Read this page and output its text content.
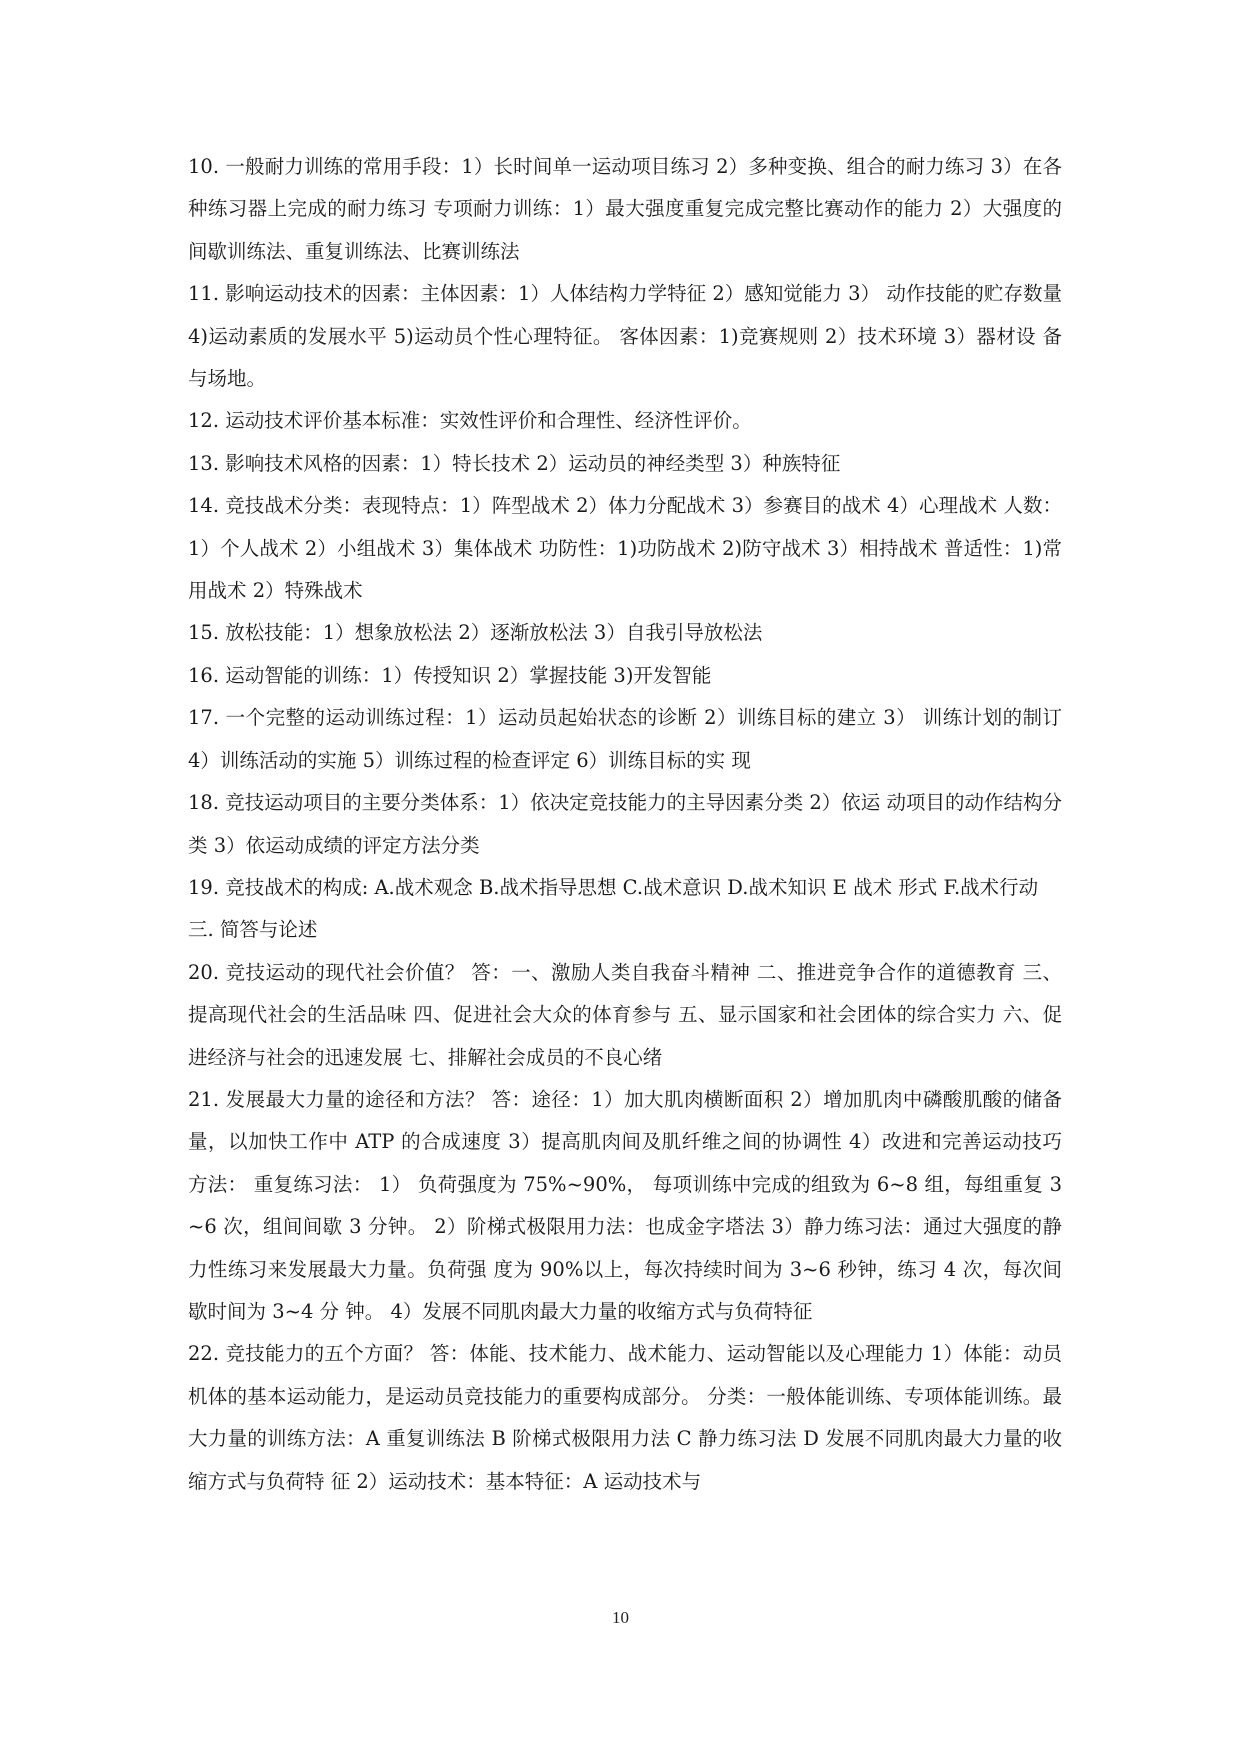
10. 一般耐力训练的常用手段：1）长时间单一运动项目练习 2）多种变换、组合的耐力练习 3）在各种练习器上完成的耐力练习 专项耐力训练：1）最大强度重复完成完整比赛动作的能力 2）大强度的间歇训练法、重复训练法、比赛训练法

11. 影响运动技术的因素：主体因素：1）人体结构力学特征 2）感知觉能力 3） 动作技能的贮存数量 4)运动素质的发展水平 5)运动员个性心理特征。 客体因素：1)竞赛规则 2）技术环境 3）器材设 备与场地。

12. 运动技术评价基本标准：实效性评价和合理性、经济性评价。

13. 影响技术风格的因素：1）特长技术 2）运动员的神经类型 3）种族特征

14. 竞技战术分类：表现特点：1）阵型战术 2）体力分配战术 3）参赛目的战术 4）心理战术 人数：1）个人战术 2）小组战术 3）集体战术 功防性：1)功防战术 2)防守战术 3）相持战术 普适性：1)常用战术 2）特殊战术

15. 放松技能：1）想象放松法 2）逐渐放松法 3）自我引导放松法

16. 运动智能的训练：1）传授知识 2）掌握技能 3)开发智能

17. 一个完整的运动训练过程：1）运动员起始状态的诊断 2）训练目标的建立 3） 训练计划的制订 4）训练活动的实施 5）训练过程的检查评定 6）训练目标的实 现

18. 竞技运动项目的主要分类体系：1）依决定竞技能力的主导因素分类 2）依运 动项目的动作结构分类 3）依运动成绩的评定方法分类

19. 竞技战术的构成: A.战术观念 B.战术指导思想 C.战术意识 D.战术知识 E 战术 形式 F.战术行动

三. 简答与论述

20. 竞技运动的现代社会价值？ 答：一、激励人类自我奋斗精神 二、推进竞争合作的道德教育 三、提高现代社会的生活品味 四、促进社会大众的体育参与 五、显示国家和社会团体的综合实力 六、促进经济与社会的迅速发展 七、排解社会成员的不良心绪

21. 发展最大力量的途径和方法？ 答：途径：1）加大肌肉横断面积 2）增加肌肉中磷酸肌酸的储备量，以加快工作中 ATP 的合成速度 3）提高肌肉间及肌纤维之间的协调性 4）改进和完善运动技巧 方法： 重复练习法： 1） 负荷强度为 75%~90%， 每项训练中完成的组致为 6~8 组，每组重复 3~6 次，组间间歇 3 分钟。 2）阶梯式极限用力法：也成金字塔法 3）静力练习法：通过大强度的静力性练习来发展最大力量。负荷强 度为 90%以上，每次持续时间为 3~6 秒钟，练习 4 次，每次间歇时间为 3~4 分 钟。 4）发展不同肌肉最大力量的收缩方式与负荷特征

22. 竞技能力的五个方面？ 答：体能、技术能力、战术能力、运动智能以及心理能力 1）体能：动员机体的基本运动能力，是运动员竞技能力的重要构成部分。 分类：一般体能训练、专项体能训练。最大力量的训练方法：A 重复训练法 B 阶梯式极限用力法 C 静力练习法 D 发展不同肌肉最大力量的收缩方式与负荷特 征 2）运动技术：基本特征：A 运动技术与

10
